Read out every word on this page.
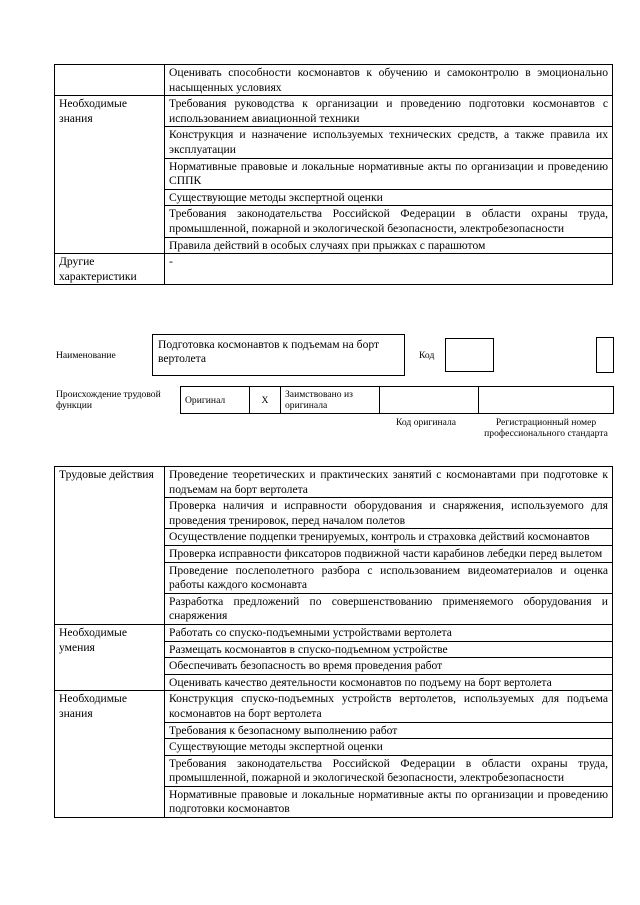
	Оценивать способности космонавтов к обучению и самоконтролю в эмоционально насыщенных условиях
Необходимые знания	Требования руководства к организации и проведению подготовки космонавтов с использованием авиационной техники
	Конструкция и назначение используемых технических средств, а также правила их эксплуатации
	Нормативные правовые и локальные нормативные акты по организации и проведению СППК
	Существующие методы экспертной оценки
	Требования законодательства Российской Федерации в области охраны труда, промышленной, пожарной и экологической безопасности, электробезопасности
	Правила действий в особых случаях при прыжках с парашютом
Другие характеристики	-
Наименование
Подготовка космонавтов к подъемам на борт вертолета	Код
Происхождение трудовой функции	Оригинал	X	Заимствовано из оригинала		
Код оригинала	Регистрационный номер профессионального стандарта
Трудовые действия	Проведение теоретических и практических занятий с космонавтами при подготовке к подъемам на борт вертолета
	Проверка наличия и исправности оборудования и снаряжения, используемого для проведения тренировок, перед началом полетов
	Осуществление подцепки тренируемых, контроль и страховка действий космонавтов
	Проверка исправности фиксаторов подвижной части карабинов лебедки перед вылетом
	Проведение послеполетного разбора с использованием видеоматериалов и оценка работы каждого космонавта
	Разработка предложений по совершенствованию применяемого оборудования и снаряжения
Необходимые умения	Работать со спуско-подъемными устройствами вертолета
	Размещать космонавтов в спуско-подъемном устройстве
	Обеспечивать безопасность во время проведения работ
	Оценивать качество деятельности космонавтов по подъему на борт вертолета
Необходимые знания	Конструкция спуско-подъемных устройств вертолетов, используемых для подъема космонавтов на борт вертолета
	Требования к безопасному выполнению работ
	Существующие методы экспертной оценки
	Требования законодательства Российской Федерации в области охраны труда, промышленной, пожарной и экологической безопасности, электробезопасности
	Нормативные правовые и локальные нормативные акты по организации и проведению подготовки космонавтов
